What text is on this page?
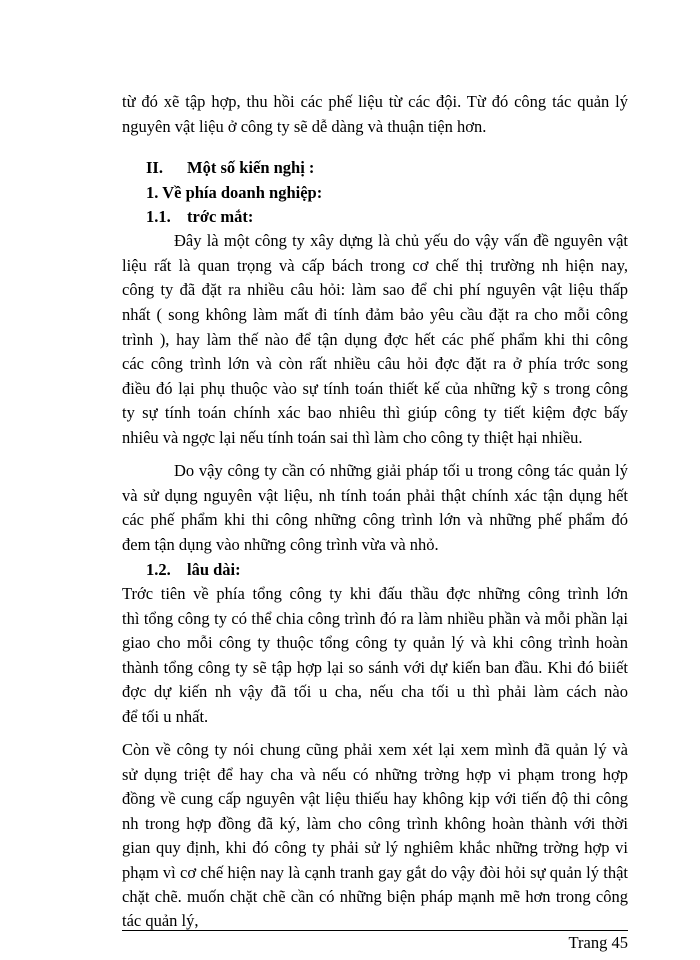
từ đó xẽ tập hợp, thu hồi các phế liệu từ các đội. Từ đó công tác quản lý
nguyên vật liệu ở công ty sẽ dễ dàng và thuận tiện hơn.
II. Một số kiến nghị :
1. Về phía doanh nghiệp:
1.1. trớc mắt:
Đây là một công ty xây dựng là chủ yếu do vậy vấn đề nguyên vật
liệu rất là quan trọng và cấp bách trong cơ chế thị trường nh hiện nay,
công ty đã đặt ra nhiều câu hỏi: làm sao để chi phí nguyên vật liệu thấp
nhất ( song không làm mất đi tính đảm bảo yêu cầu đặt ra cho mỗi công
trình ), hay làm thế nào để tận dụng đợc hết các phế phẩm khi thi công
các công trình lớn và còn rất nhiều câu hỏi đợc đặt ra ở phía trớc song
điều đó lại phụ thuộc vào sự tính toán thiết kế của những kỹ s trong công
ty sự tính toán chính xác bao nhiêu thì giúp công ty tiết kiệm đợc bấy
nhiêu và ngợc lại nếu tính toán sai thì làm cho công ty thiệt hại nhiều.
Do vậy công ty cần có những giải pháp tối u trong công tác quản lý
và sử dụng nguyên vật liệu, nh tính toán phải thật chính xác tận dụng hết
các phế phẩm khi thi công những công trình lớn và những phế phẩm đó
đem tận dụng vào những công trình vừa và nhỏ.
1.2. lâu dài:
Trớc tiên về phía tổng công ty khi đấu thầu đợc những công trình lớn
thì tổng công ty có thể chia công trình đó ra làm nhiều phần và mỗi phần lại
giao cho mỗi công ty thuộc tổng công ty quản lý và khi công trình hoàn
thành tổng công ty sẽ tập hợp lại so sánh với dự kiến ban đầu. Khi đó biiết
đợc dự kiến nh vậy đã tối u cha, nếu cha tối u thì phải làm cách nào
để tối u nhất.
Còn về công ty nói chung cũng phải xem xét lại xem mình đã quản lý và
sử dụng triệt để hay cha và nếu có những trờng hợp vi phạm trong hợp
đồng về cung cấp nguyên vật liệu thiếu hay không kịp với tiến độ thi công
nh trong hợp đồng đã ký, làm cho công trình không hoàn thành với thời
gian quy định, khi đó công ty phải sử lý nghiêm khắc những trờng hợp vi
phạm vì cơ chế hiện nay là cạnh tranh gay gắt do vậy đòi hỏi sự quản lý thật
chặt chẽ. muốn chặt chẽ cần có những biện pháp mạnh mẽ hơn trong công
tác quản lý,
Trang 45
